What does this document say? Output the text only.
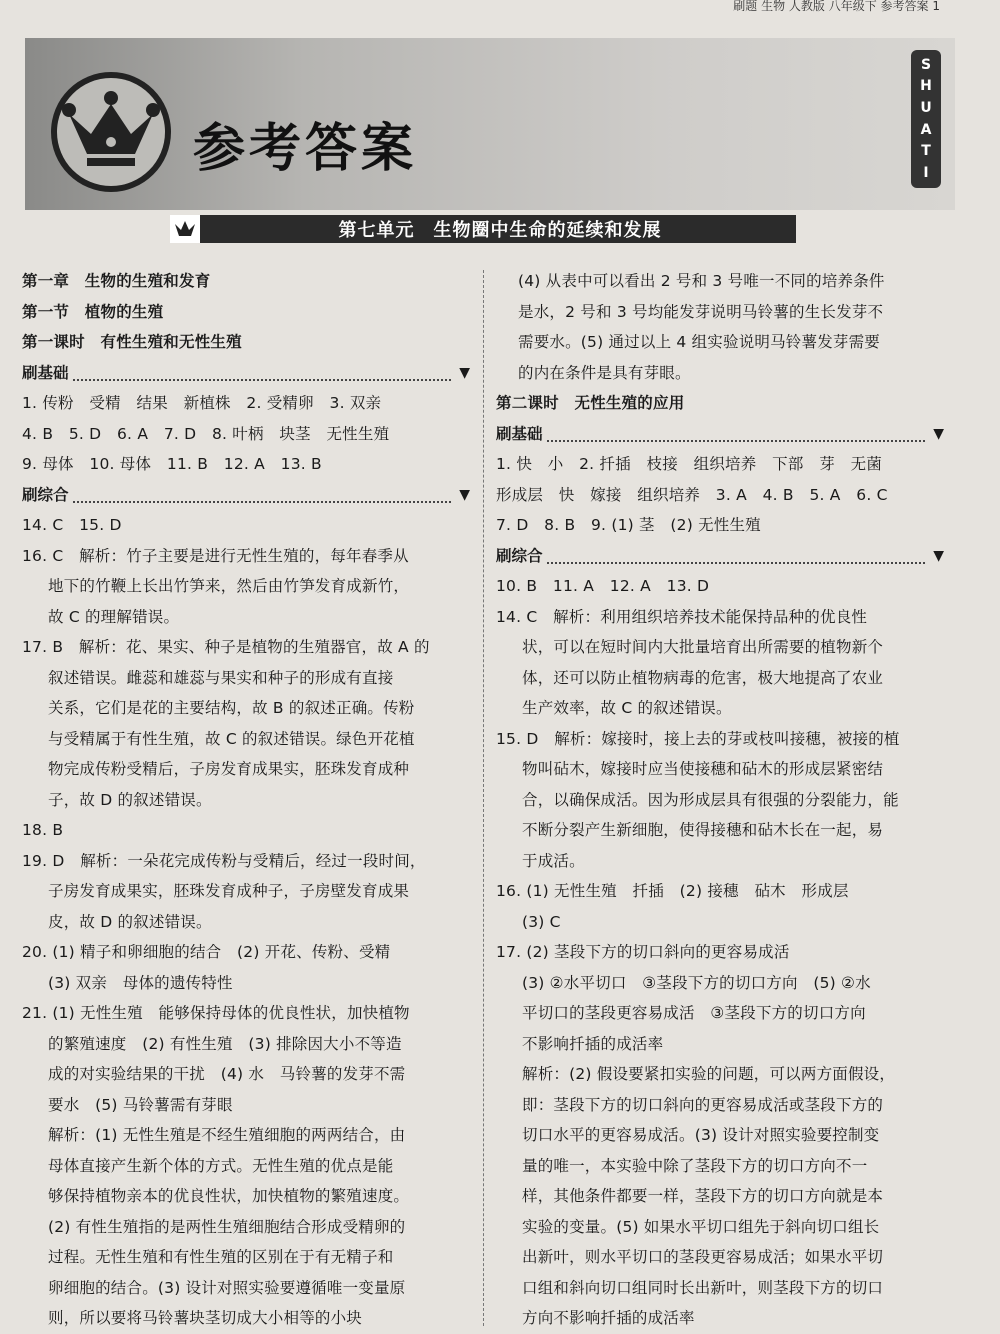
刷题 生物 人教版 八年级下 参考答案 1
参考答案
S
H
U
A
T
I
第七单元　生物圈中生命的延续和发展
第一章　生物的生殖和发育
第一节　植物的生殖
第一课时　有性生殖和无性生殖
刷基础	▼
1. 传粉　受精　结果　新植株　2. 受精卵　3. 双亲
4. B　5. D　6. A　7. D　8. 叶柄　块茎　无性生殖
9. 母体　10. 母体　11. B　12. A　13. B
刷综合	▼
14. C　15. D
16. C　解析：竹子主要是进行无性生殖的，每年春季从
地下的竹鞭上长出竹笋来，然后由竹笋发育成新竹，
故 C 的理解错误。
17. B　解析：花、果实、种子是植物的生殖器官，故 A 的
叙述错误。雌蕊和雄蕊与果实和种子的形成有直接
关系，它们是花的主要结构，故 B 的叙述正确。传粉
与受精属于有性生殖，故 C 的叙述错误。绿色开花植
物完成传粉受精后，子房发育成果实，胚珠发育成种
子，故 D 的叙述错误。
18. B
19. D　解析：一朵花完成传粉与受精后，经过一段时间，
子房发育成果实，胚珠发育成种子，子房壁发育成果
皮，故 D 的叙述错误。
20. (1) 精子和卵细胞的结合　(2) 开花、传粉、受精
(3) 双亲　母体的遗传特性
21. (1) 无性生殖　能够保持母体的优良性状，加快植物
的繁殖速度　(2) 有性生殖　(3) 排除因大小不等造
成的对实验结果的干扰　(4) 水　马铃薯的发芽不需
要水　(5) 马铃薯需有芽眼
解析：(1) 无性生殖是不经生殖细胞的两两结合，由
母体直接产生新个体的方式。无性生殖的优点是能
够保持植物亲本的优良性状，加快植物的繁殖速度。
(2) 有性生殖指的是两性生殖细胞结合形成受精卵的
过程。无性生殖和有性生殖的区别在于有无精子和
卵细胞的结合。(3) 设计对照实验要遵循唯一变量原
则，所以要将马铃薯块茎切成大小相等的小块
(4) 从表中可以看出 2 号和 3 号唯一不同的培养条件
是水，2 号和 3 号均能发芽说明马铃薯的生长发芽不
需要水。(5) 通过以上 4 组实验说明马铃薯发芽需要
的内在条件是具有芽眼。
第二课时　无性生殖的应用
刷基础	▼
1. 快　小　2. 扦插　枝接　组织培养　下部　芽　无菌
形成层　快　嫁接　组织培养　3. A　4. B　5. A　6. C
7. D　8. B　9. (1) 茎　(2) 无性生殖
刷综合	▼
10. B　11. A　12. A　13. D
14. C　解析：利用组织培养技术能保持品种的优良性
状，可以在短时间内大批量培育出所需要的植物新个
体，还可以防止植物病毒的危害，极大地提高了农业
生产效率，故 C 的叙述错误。
15. D　解析：嫁接时，接上去的芽或枝叫接穗，被接的植
物叫砧木，嫁接时应当使接穗和砧木的形成层紧密结
合，以确保成活。因为形成层具有很强的分裂能力，能
不断分裂产生新细胞，使得接穗和砧木长在一起，易
于成活。
16. (1) 无性生殖　扦插　(2) 接穗　砧木　形成层
(3) C
17. (2) 茎段下方的切口斜向的更容易成活
(3) ②水平切口　③茎段下方的切口方向　(5) ②水
平切口的茎段更容易成活　③茎段下方的切口方向
不影响扦插的成活率
解析：(2) 假设要紧扣实验的问题，可以两方面假设，
即：茎段下方的切口斜向的更容易成活或茎段下方的
切口水平的更容易成活。(3) 设计对照实验要控制变
量的唯一，本实验中除了茎段下方的切口方向不一
样，其他条件都要一样，茎段下方的切口方向就是本
实验的变量。(5) 如果水平切口组先于斜向切口组长
出新叶，则水平切口的茎段更容易成活；如果水平切
口组和斜向切口组同时长出新叶，则茎段下方的切口
方向不影响扦插的成活率
